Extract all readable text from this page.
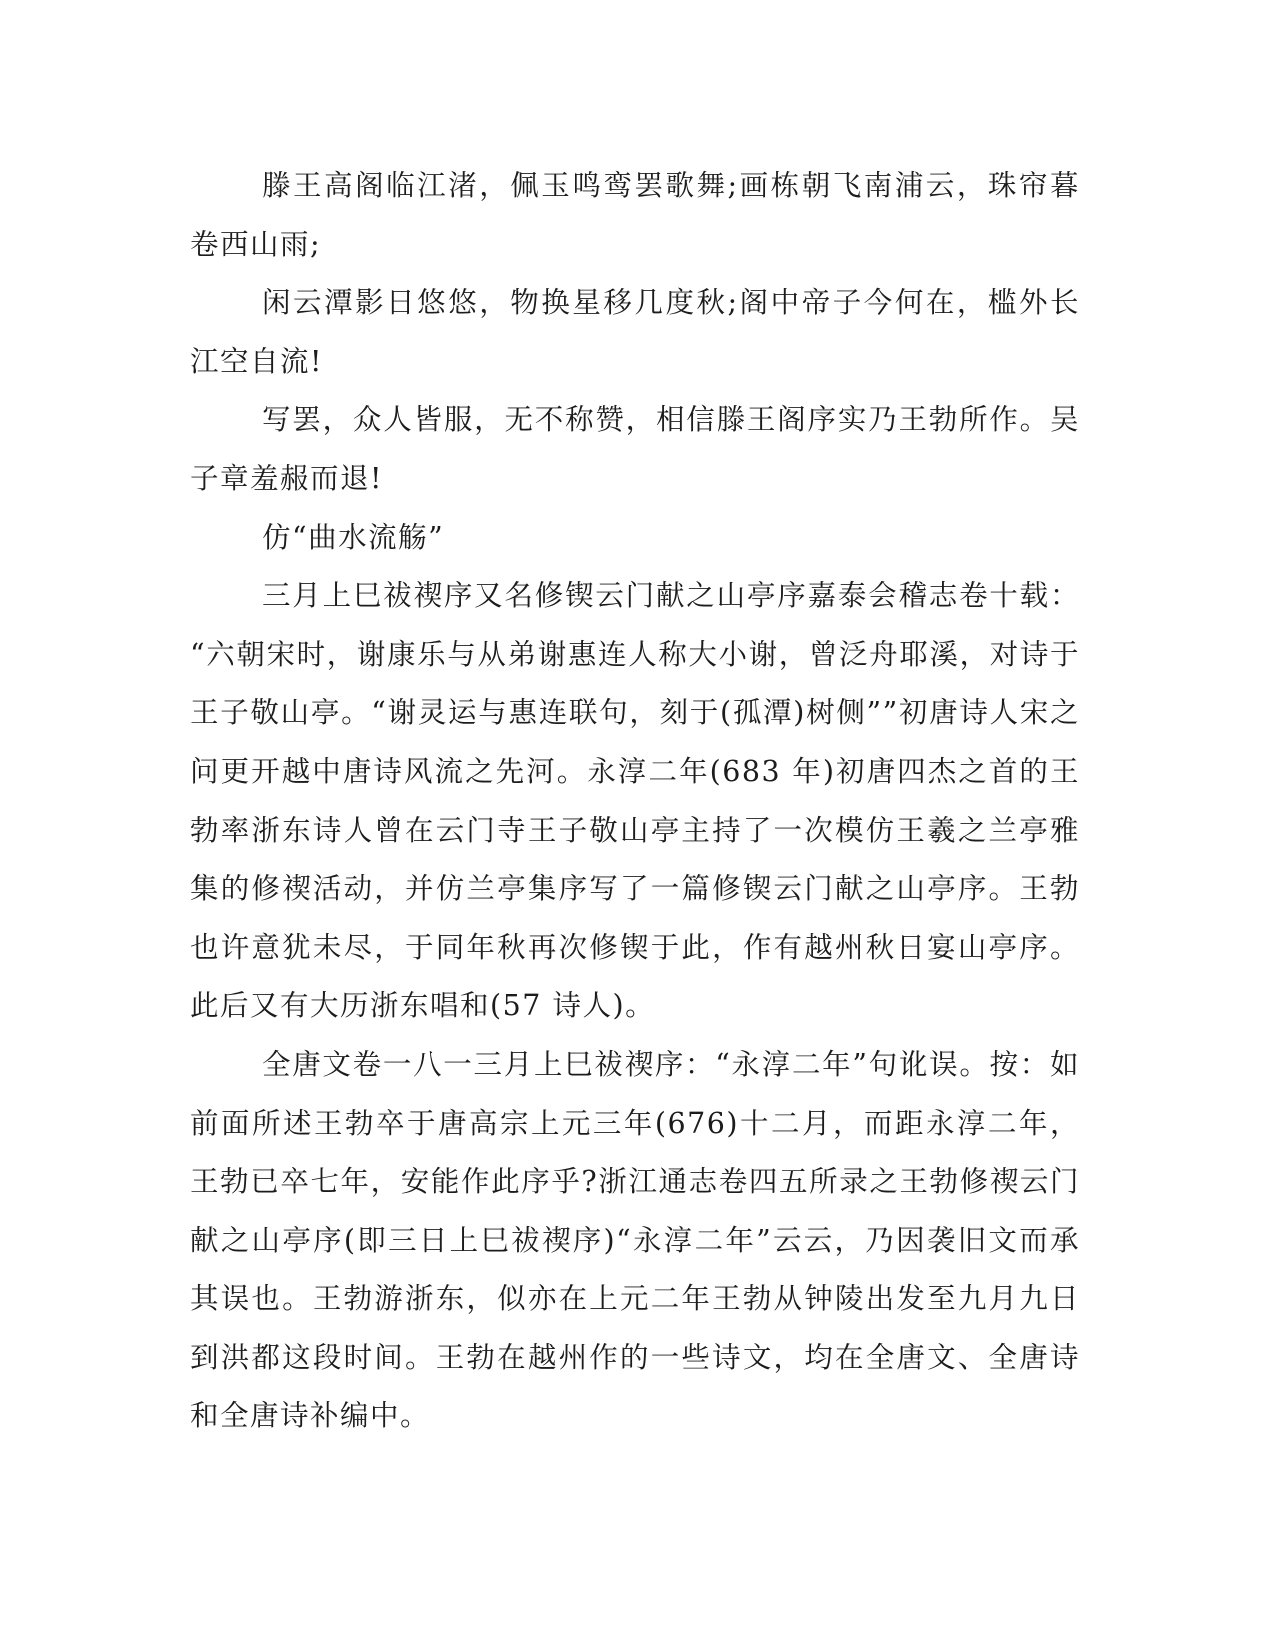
滕王高阁临江渚，佩玉鸣鸾罢歌舞;画栋朝飞南浦云，珠帘暮卷西山雨;

闲云潭影日悠悠，物换星移几度秋;阁中帝子今何在，槛外长江空自流!

写罢，众人皆服，无不称赞，相信滕王阁序实乃王勃所作。吴子章羞赧而退!

仿“曲水流觞”

三月上巳祓禊序又名修锲云门献之山亭序嘉泰会稽志卷十载：“六朝宋时，谢康乐与从弟谢惠连人称大小谢，曾泛舟耶溪，对诗于王子敬山亭。“谢灵运与惠连联句，刻于(孤潭)树侧””初唐诗人宋之问更开越中唐诗风流之先河。永淳二年(683 年)初唐四杰之首的王勃率浙东诗人曾在云门寺王子敬山亭主持了一次模仿王羲之兰亭雅集的修禊活动，并仿兰亭集序写了一篇修锲云门献之山亭序。王勃也许意犹未尽，于同年秋再次修锲于此，作有越州秋日宴山亭序。此后又有大历浙东唱和(57 诗人)。

全唐文卷一八一三月上巳祓禊序：“永淳二年”句讹误。按：如前面所述王勃卒于唐高宗上元三年(676)十二月，而距永淳二年，王勃已卒七年，安能作此序乎?浙江通志卷四五所录之王勃修禊云门献之山亭序(即三日上巳祓禊序)“永淳二年”云云，乃因袭旧文而承其误也。王勃游浙东，似亦在上元二年王勃从钟陵出发至九月九日到洪都这段时间。王勃在越州作的一些诗文，均在全唐文、全唐诗和全唐诗补编中。
